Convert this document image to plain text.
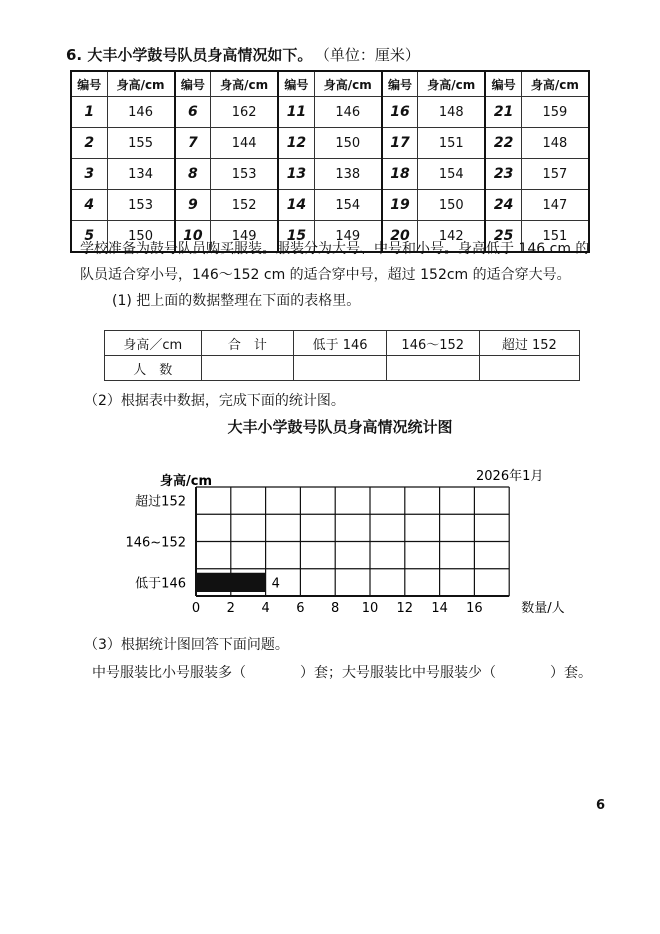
6. 大丰小学鼓号队员身高情况如下。 （单位：厘米）
编号	身高/cm	编号	身高/cm	编号	身高/cm	编号	身高/cm	编号	身高/cm
1	146	6	162	11	146	16	148	21	159
2	155	7	144	12	150	17	151	22	148
3	134	8	153	13	138	18	154	23	157
4	153	9	152	14	154	19	150	24	147
5	150	10	149	15	149	20	142	25	151
学校准备为鼓号队员购买服装。服装分为大号、中号和小号。身高低于 146 cm 的
队员适合穿小号，146～152 cm 的适合穿中号，超过 152cm 的适合穿大号。
(1) 把上面的数据整理在下面的表格里。
身高／cm	合　计	低于 146	146～152	超过 152
人　数				
（2）根据表中数据，完成下面的统计图。
大丰小学鼓号队员身高情况统计图
0 2 4 6 8 10 12 14 16	数量/人
身高/cm	2026年1月
低于146	4
146~152
超过152
（3）根据统计图回答下面问题。
中号服装比小号服装多（	）套；大号服装比中号服装少（	）套。
6
